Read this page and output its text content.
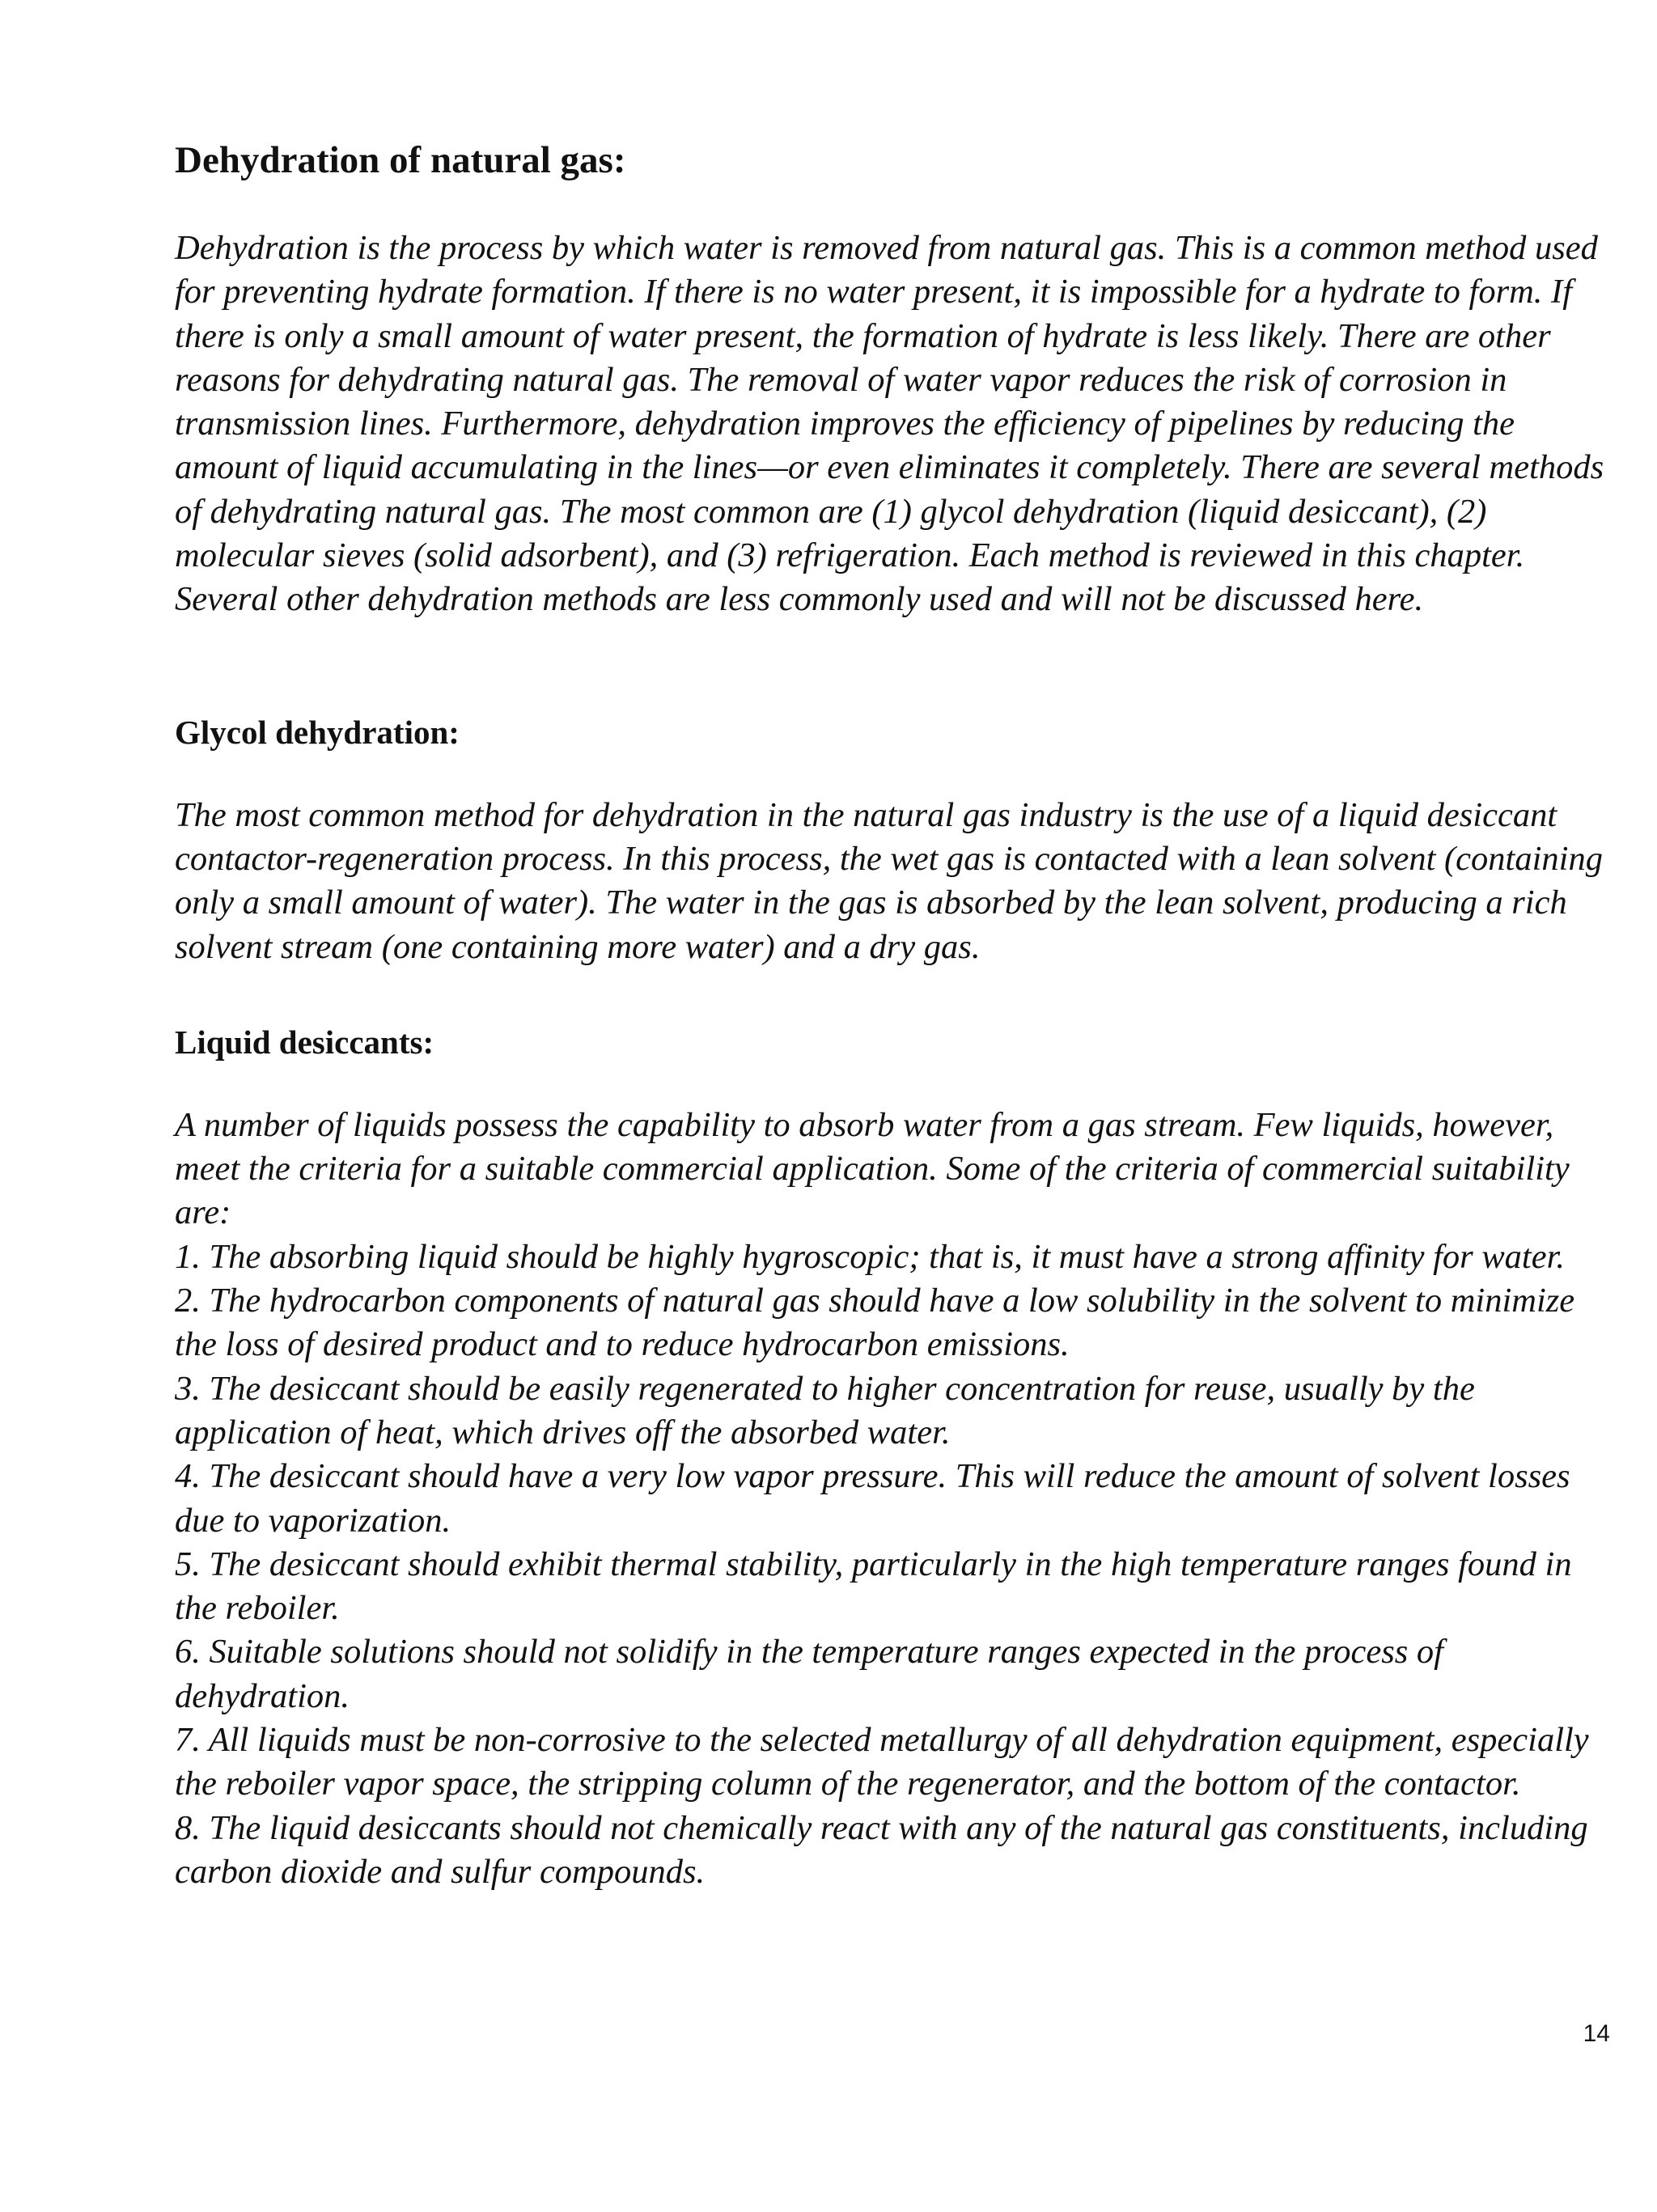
Dehydration of natural gas:

Dehydration is the process by which water is removed from natural gas. This is a common method used for preventing hydrate formation. If there is no water present, it is impossible for a hydrate to form. If there is only a small amount of water present, the formation of hydrate is less likely. There are other reasons for dehydrating natural gas. The removal of water vapor reduces the risk of corrosion in transmission lines. Furthermore, dehydration improves the efficiency of pipelines by reducing the amount of liquid accumulating in the lines—or even eliminates it completely. There are several methods of dehydrating natural gas. The most common are (1) glycol dehydration (liquid desiccant), (2) molecular sieves (solid adsorbent), and (3) refrigeration. Each method is reviewed in this chapter. Several other dehydration methods are less commonly used and will not be discussed here.

Glycol dehydration:

The most common method for dehydration in the natural gas industry is the use of a liquid desiccant contactor-regeneration process. In this process, the wet gas is contacted with a lean solvent (containing only a small amount of water). The water in the gas is absorbed by the lean solvent, producing a rich solvent stream (one containing more water) and a dry gas.

Liquid desiccants:

A number of liquids possess the capability to absorb water from a gas stream. Few liquids, however, meet the criteria for a suitable commercial application. Some of the criteria of commercial suitability are:

1. The absorbing liquid should be highly hygroscopic; that is, it must have a strong affinity for water.
2. The hydrocarbon components of natural gas should have a low solubility in the solvent to minimize the loss of desired product and to reduce hydrocarbon emissions.
3. The desiccant should be easily regenerated to higher concentration for reuse, usually by the application of heat, which drives off the absorbed water.
4. The desiccant should have a very low vapor pressure. This will reduce the amount of solvent losses due to vaporization.
5. The desiccant should exhibit thermal stability, particularly in the high temperature ranges found in the reboiler.
6. Suitable solutions should not solidify in the temperature ranges expected in the process of dehydration.
7. All liquids must be non-corrosive to the selected metallurgy of all dehydration equipment, especially the reboiler vapor space, the stripping column of the regenerator, and the bottom of the contactor.
8. The liquid desiccants should not chemically react with any of the natural gas constituents, including carbon dioxide and sulfur compounds.
14
